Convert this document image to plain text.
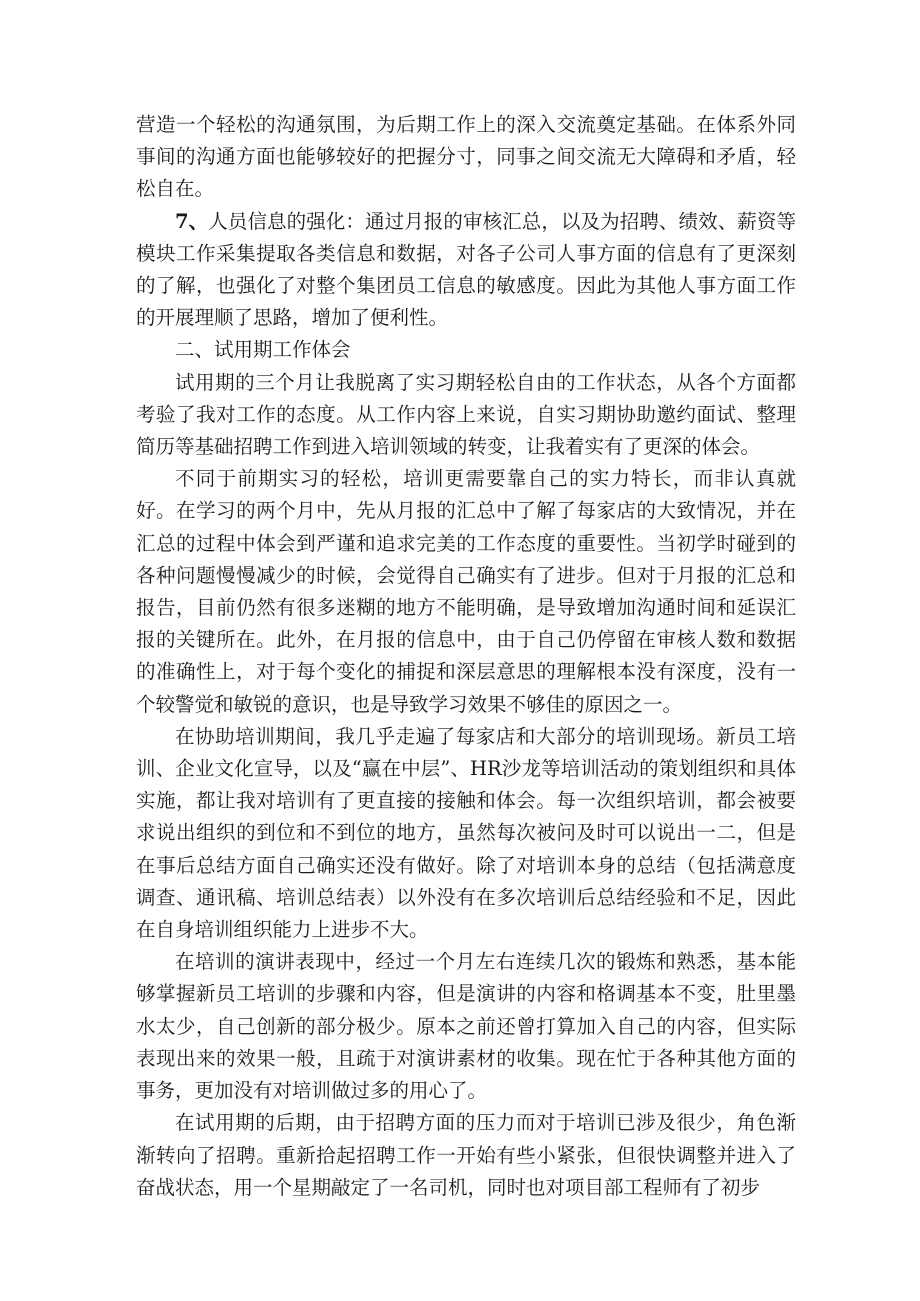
营造一个轻松的沟通氛围，为后期工作上的深入交流奠定基础。在体系外同事间的沟通方面也能够较好的把握分寸，同事之间交流无大障碍和矛盾，轻松自在。

7、人员信息的强化：通过月报的审核汇总，以及为招聘、绩效、薪资等模块工作采集提取各类信息和数据，对各子公司人事方面的信息有了更深刻的了解，也强化了对整个集团员工信息的敏感度。因此为其他人事方面工作的开展理顺了思路，增加了便利性。

二、试用期工作体会

试用期的三个月让我脱离了实习期轻松自由的工作状态，从各个方面都考验了我对工作的态度。从工作内容上来说，自实习期协助邀约面试、整理简历等基础招聘工作到进入培训领域的转变，让我着实有了更深的体会。

不同于前期实习的轻松，培训更需要靠自己的实力特长，而非认真就好。在学习的两个月中，先从月报的汇总中了解了每家店的大致情况，并在汇总的过程中体会到严谨和追求完美的工作态度的重要性。当初学时碰到的各种问题慢慢减少的时候，会觉得自己确实有了进步。但对于月报的汇总和报告，目前仍然有很多迷糊的地方不能明确，是导致增加沟通时间和延误汇报的关键所在。此外，在月报的信息中，由于自己仍停留在审核人数和数据的准确性上，对于每个变化的捕捉和深层意思的理解根本没有深度，没有一个较警觉和敏锐的意识，也是导致学习效果不够佳的原因之一。

在协助培训期间，我几乎走遍了每家店和大部分的培训现场。新员工培训、企业文化宣导，以及“赢在中层”、HR沙龙等培训活动的策划组织和具体实施，都让我对培训有了更直接的接触和体会。每一次组织培训，都会被要求说出组织的到位和不到位的地方，虽然每次被问及时可以说出一二，但是在事后总结方面自己确实还没有做好。除了对培训本身的总结（包括满意度调查、通讯稿、培训总结表）以外没有在多次培训后总结经验和不足，因此在自身培训组织能力上进步不大。

在培训的演讲表现中，经过一个月左右连续几次的锻炼和熟悉，基本能够掌握新员工培训的步骤和内容，但是演讲的内容和格调基本不变，肚里墨水太少，自己创新的部分极少。原本之前还曾打算加入自己的内容，但实际表现出来的效果一般，且疏于对演讲素材的收集。现在忙于各种其他方面的事务，更加没有对培训做过多的用心了。

在试用期的后期，由于招聘方面的压力而对于培训已涉及很少，角色渐渐转向了招聘。重新拾起招聘工作一开始有些小紧张，但很快调整并进入了奋战状态，用一个星期敲定了一名司机，同时也对项目部工程师有了初步
